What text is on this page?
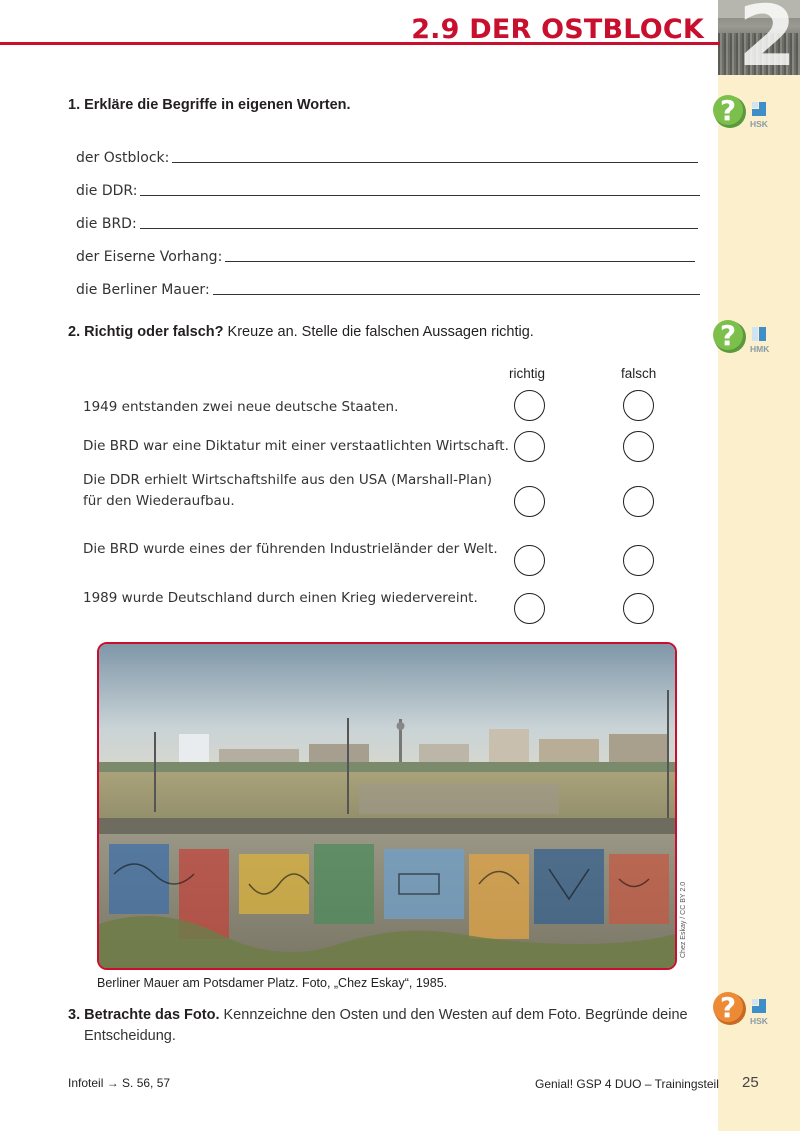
2
2.9 DER OSTBLOCK
1. Erkläre die Begriffe in eigenen Worten.	? HSK
der Ostblock:
die DDR:
die BRD:
der Eiserne Vorhang:
die Berliner Mauer:
2. Richtig oder falsch? Kreuze an. Stelle die falschen Aussagen richtig.	? HMK
richtig	falsch
1949 entstanden zwei neue deutsche Staaten.
Die BRD war eine Diktatur mit einer verstaatlichten Wirtschaft.
Die DDR erhielt Wirtschaftshilfe aus den USA (Marshall-Plan)
für den Wiederaufbau.
Die BRD wurde eines der führenden Industrieländer der Welt.
1989 wurde Deutschland durch einen Krieg wiedervereint.
Chez Eskay / CC BY 2.0
Berliner Mauer am Potsdamer Platz. Foto, „Chez Eskay“, 1985.
3. Betrachte das Foto. Kennzeichne den Osten und den Westen auf dem Foto. Begründe deine
Entscheidung.
? HSK
Infoteil → S. 56, 57	Genial! GSP 4 DUO – Trainingsteil 25
